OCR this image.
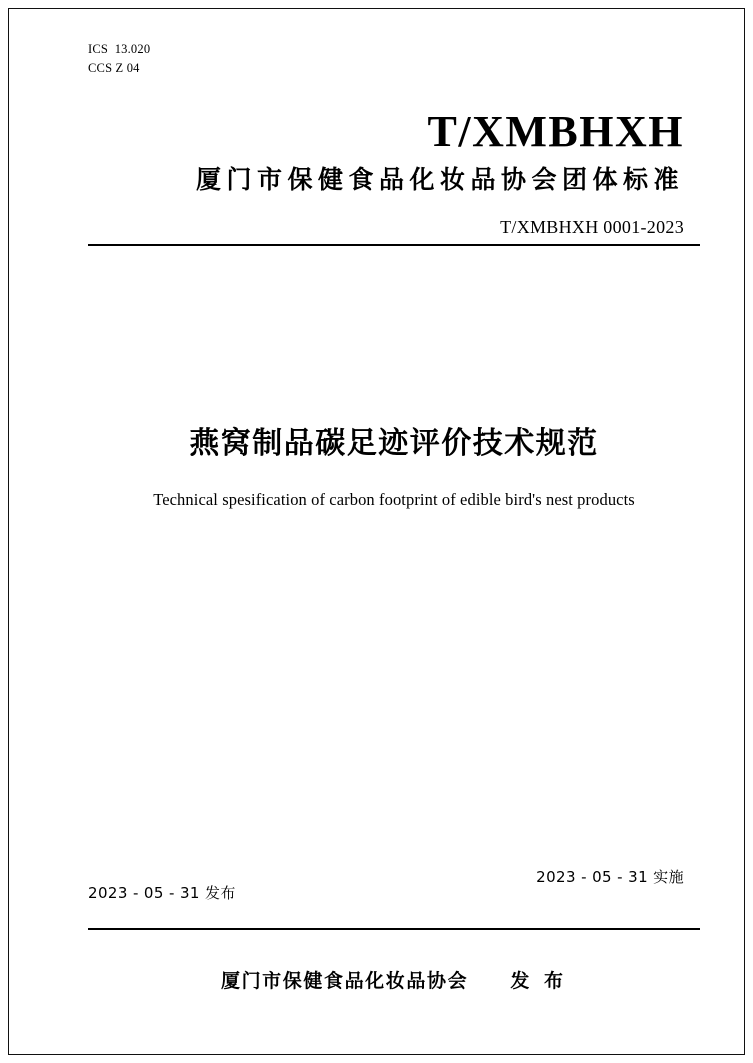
ICS  13.020
CCS Z 04
T/XMBHXH
厦门市保健食品化妆品协会团体标准
T/XMBHXH 0001-2023
燕窝制品碳足迹评价技术规范
Technical spesification of carbon footprint of edible bird's nest products
2023 - 05 - 31 发布
2023 - 05 - 31 实施
厦门市保健食品化妆品协会 发 布
